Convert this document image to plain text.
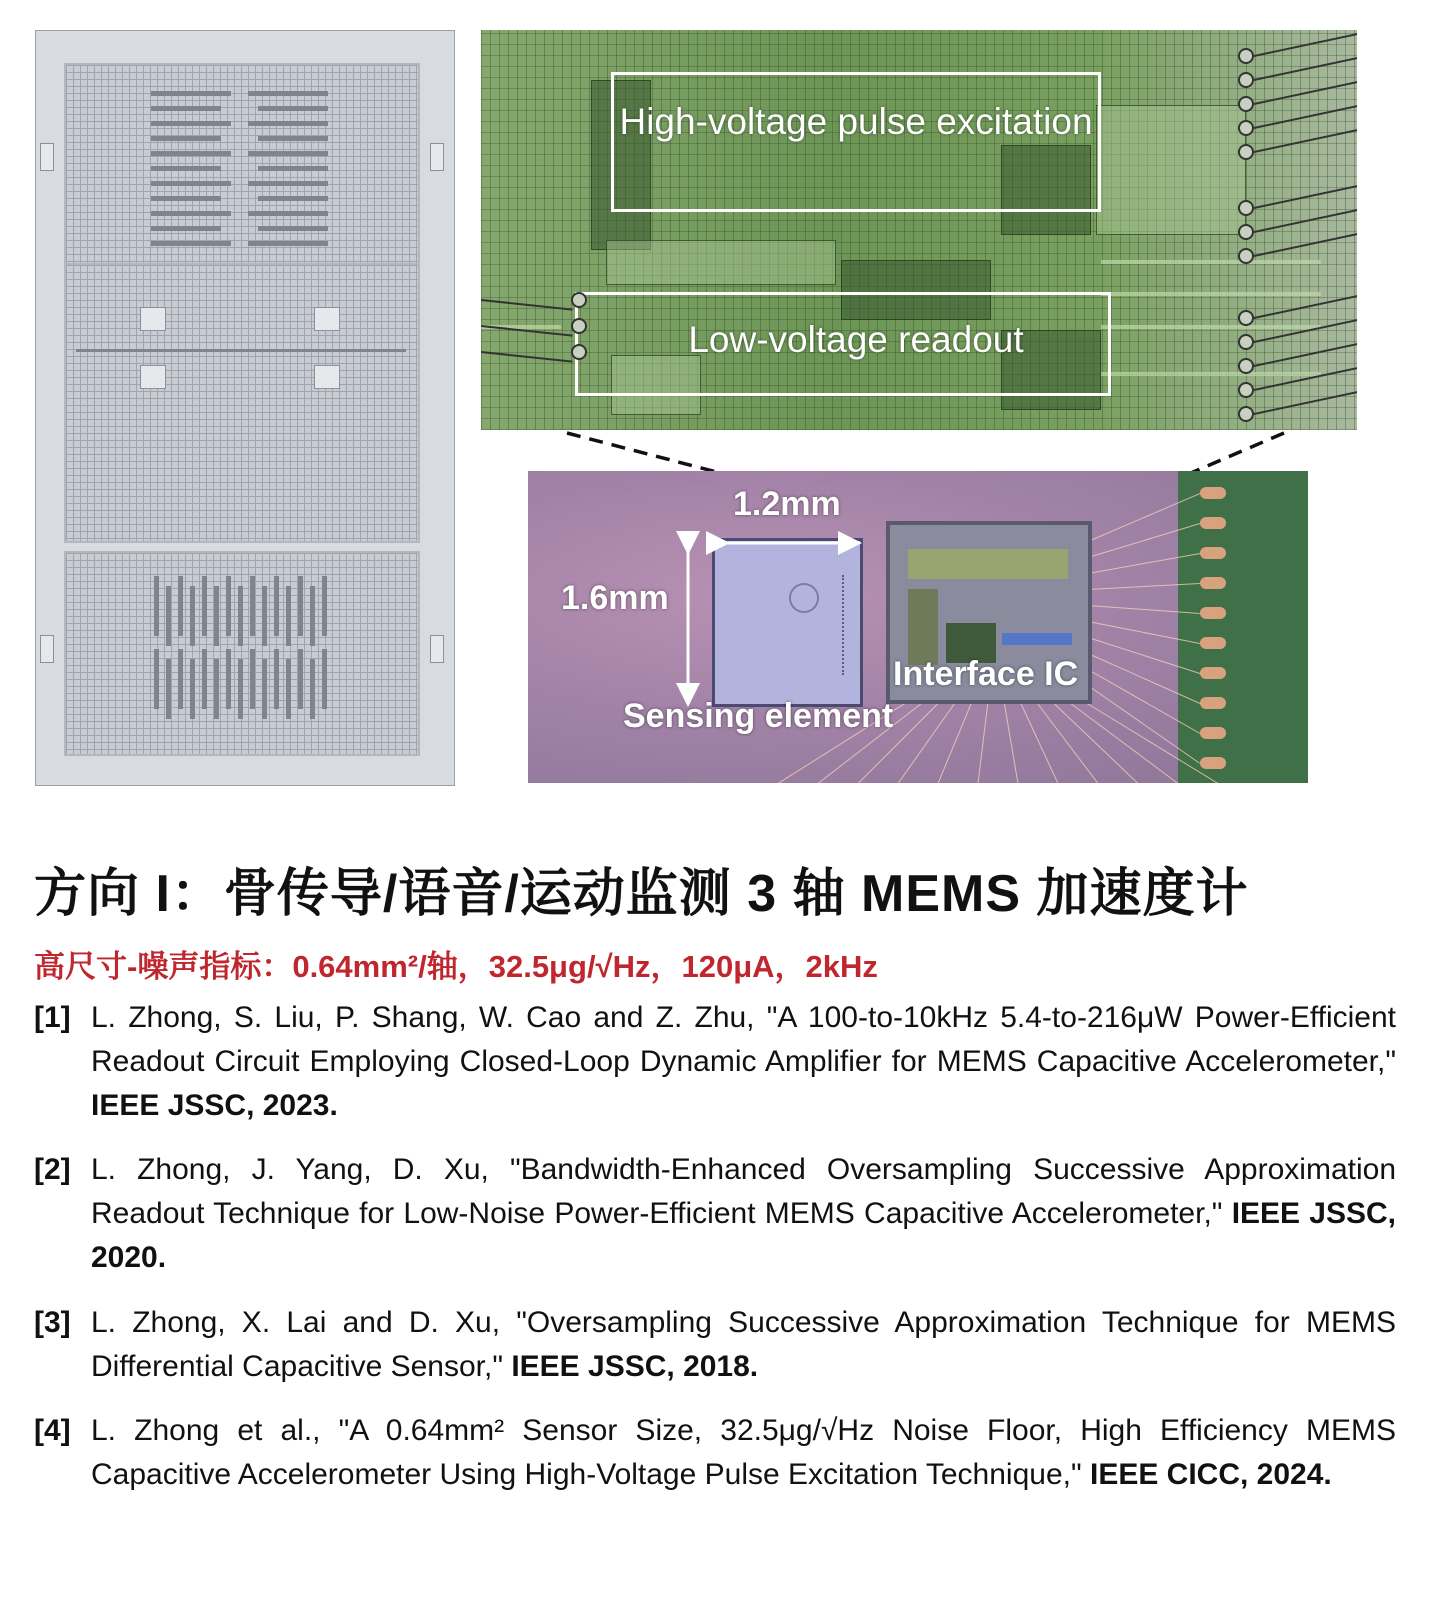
High-voltage pulse excitation
Low-voltage readout
1.2mm
1.6mm
Interface IC
Sensing element
方向 I：骨传导/语音/运动监测 3 轴 MEMS 加速度计
高尺寸-噪声指标：0.64mm²/轴，32.5μg/√Hz，120μA，2kHz
[1] L. Zhong, S. Liu, P. Shang, W. Cao and Z. Zhu, "A 100-to-10kHz 5.4-to-216μW Power-Efficient Readout Circuit Employing Closed-Loop Dynamic Amplifier for MEMS Capacitive Accelerometer," IEEE JSSC, 2023.
[2] L. Zhong, J. Yang, D. Xu, "Bandwidth-Enhanced Oversampling Successive Approximation Readout Technique for Low-Noise Power-Efficient MEMS Capacitive Accelerometer," IEEE JSSC, 2020.
[3] L. Zhong, X. Lai and D. Xu, "Oversampling Successive Approximation Technique for MEMS Differential Capacitive Sensor," IEEE JSSC, 2018.
[4] L. Zhong et al., "A 0.64mm² Sensor Size, 32.5μg/√Hz Noise Floor, High Efficiency MEMS Capacitive Accelerometer Using High-Voltage Pulse Excitation Technique," IEEE CICC, 2024.
